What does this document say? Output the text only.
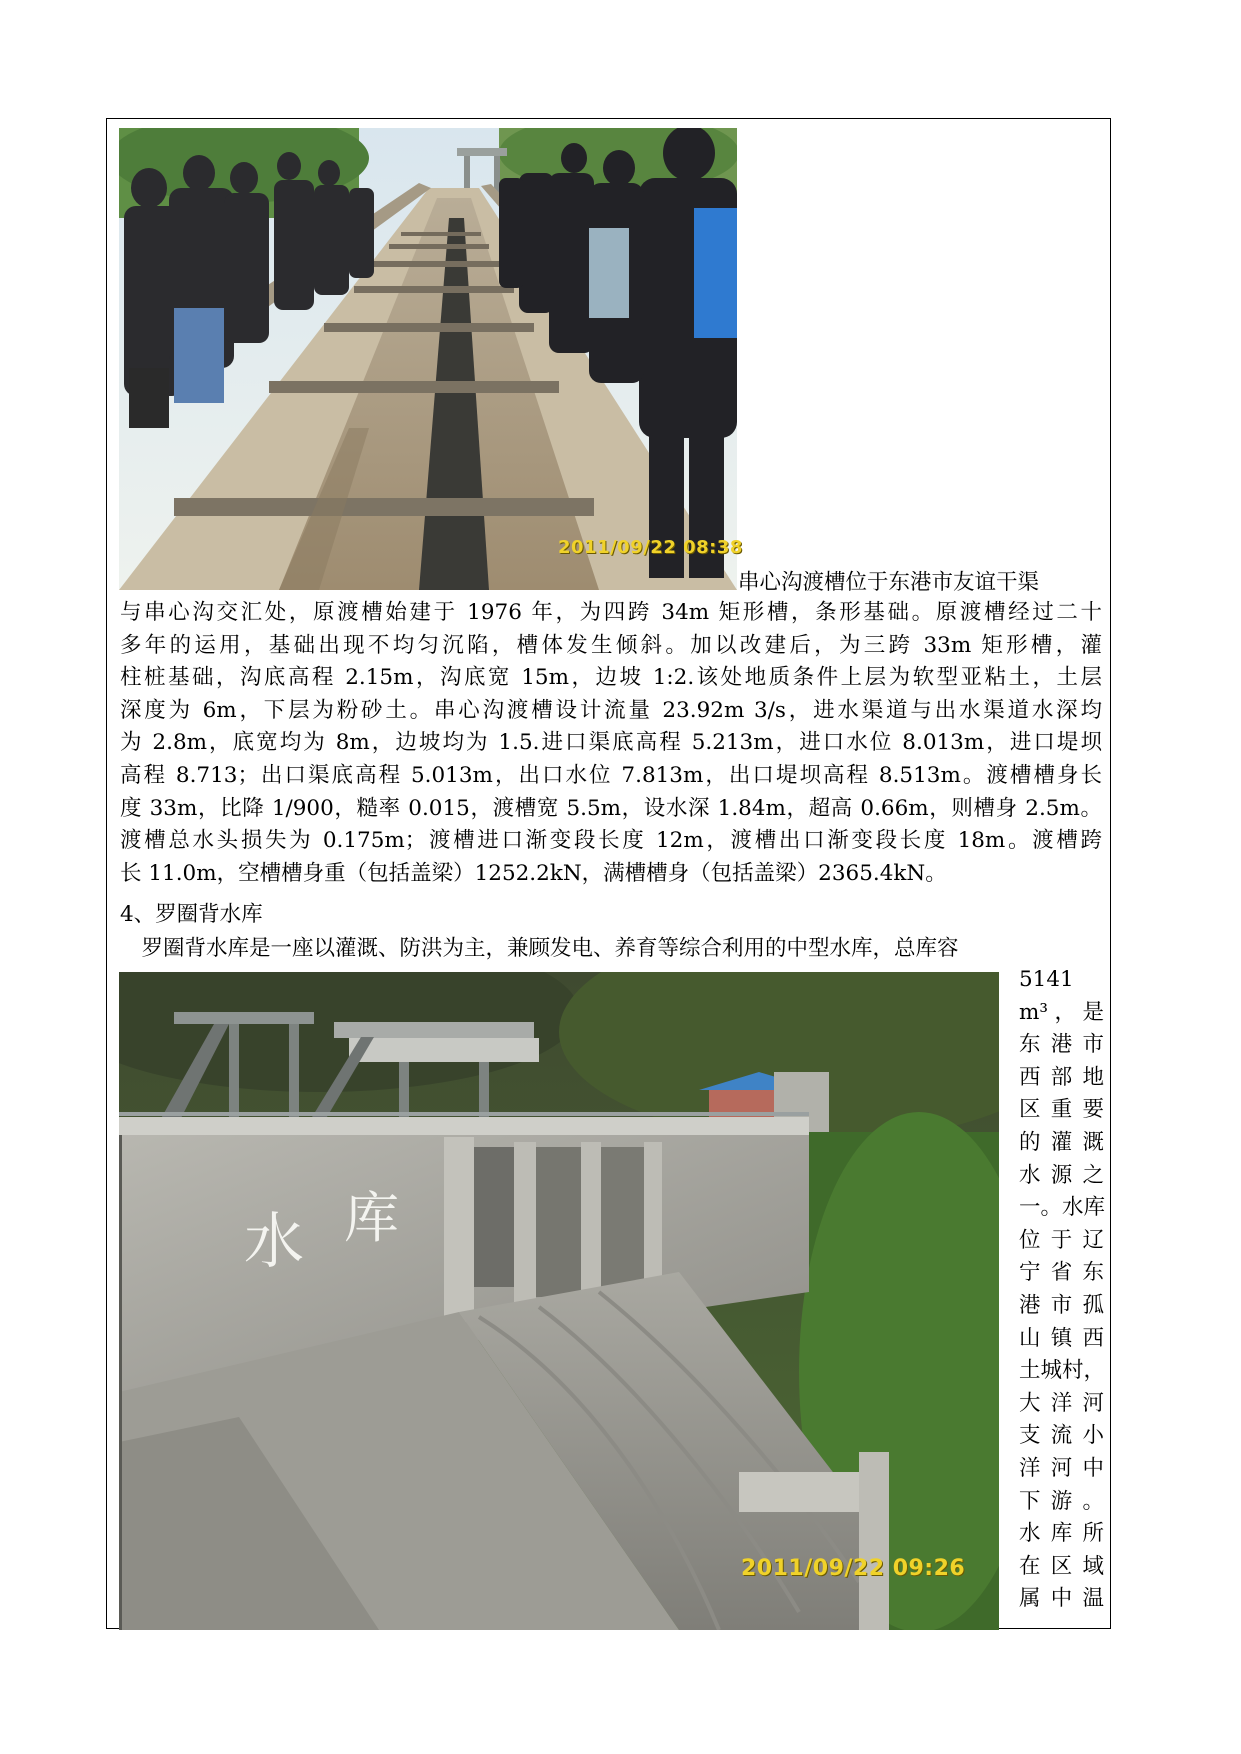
2011/09/22 08:38
串心沟渡槽位于东港市友谊干渠
与串心沟交汇处，原渡槽始建于 1976 年，为四跨 34m 矩形槽，条形基础。原渡槽经过二十
多年的运用，基础出现不均匀沉陷，槽体发生倾斜。加以改建后，为三跨 33m 矩形槽，灌
柱桩基础，沟底高程 2.15m，沟底宽 15m，边坡 1:2.该处地质条件上层为软型亚粘土，土层
深度为 6m，下层为粉砂土。串心沟渡槽设计流量 23.92m 3/s，进水渠道与出水渠道水深均
为 2.8m，底宽均为 8m，边坡均为 1.5.进口渠底高程 5.213m，进口水位 8.013m，进口堤坝
高程 8.713；出口渠底高程 5.013m，出口水位 7.813m，出口堤坝高程 8.513m。渡槽槽身长
度 33m，比降 1/900，糙率 0.015，渡槽宽 5.5m，设水深 1.84m，超高 0.66m，则槽身 2.5m。
渡槽总水头损失为 0.175m；渡槽进口渐变段长度 12m，渡槽出口渐变段长度 18m。渡槽跨
长 11.0m，空槽槽身重（包括盖梁）1252.2kN，满槽槽身（包括盖梁）2365.4kN。
4、罗圈背水库
　罗圈背水库是一座以灌溉、防洪为主，兼顾发电、养育等综合利用的中型水库，总库容
水 库
2011/09/22 09:26
5141
m³，是
东港市
西部地
区重要
的灌溉
水源之
一。水库
位于辽
宁省东
港市孤
山镇西
土城村，
大洋河
支流小
洋河中
下游。
水库所
在区域
属中温
